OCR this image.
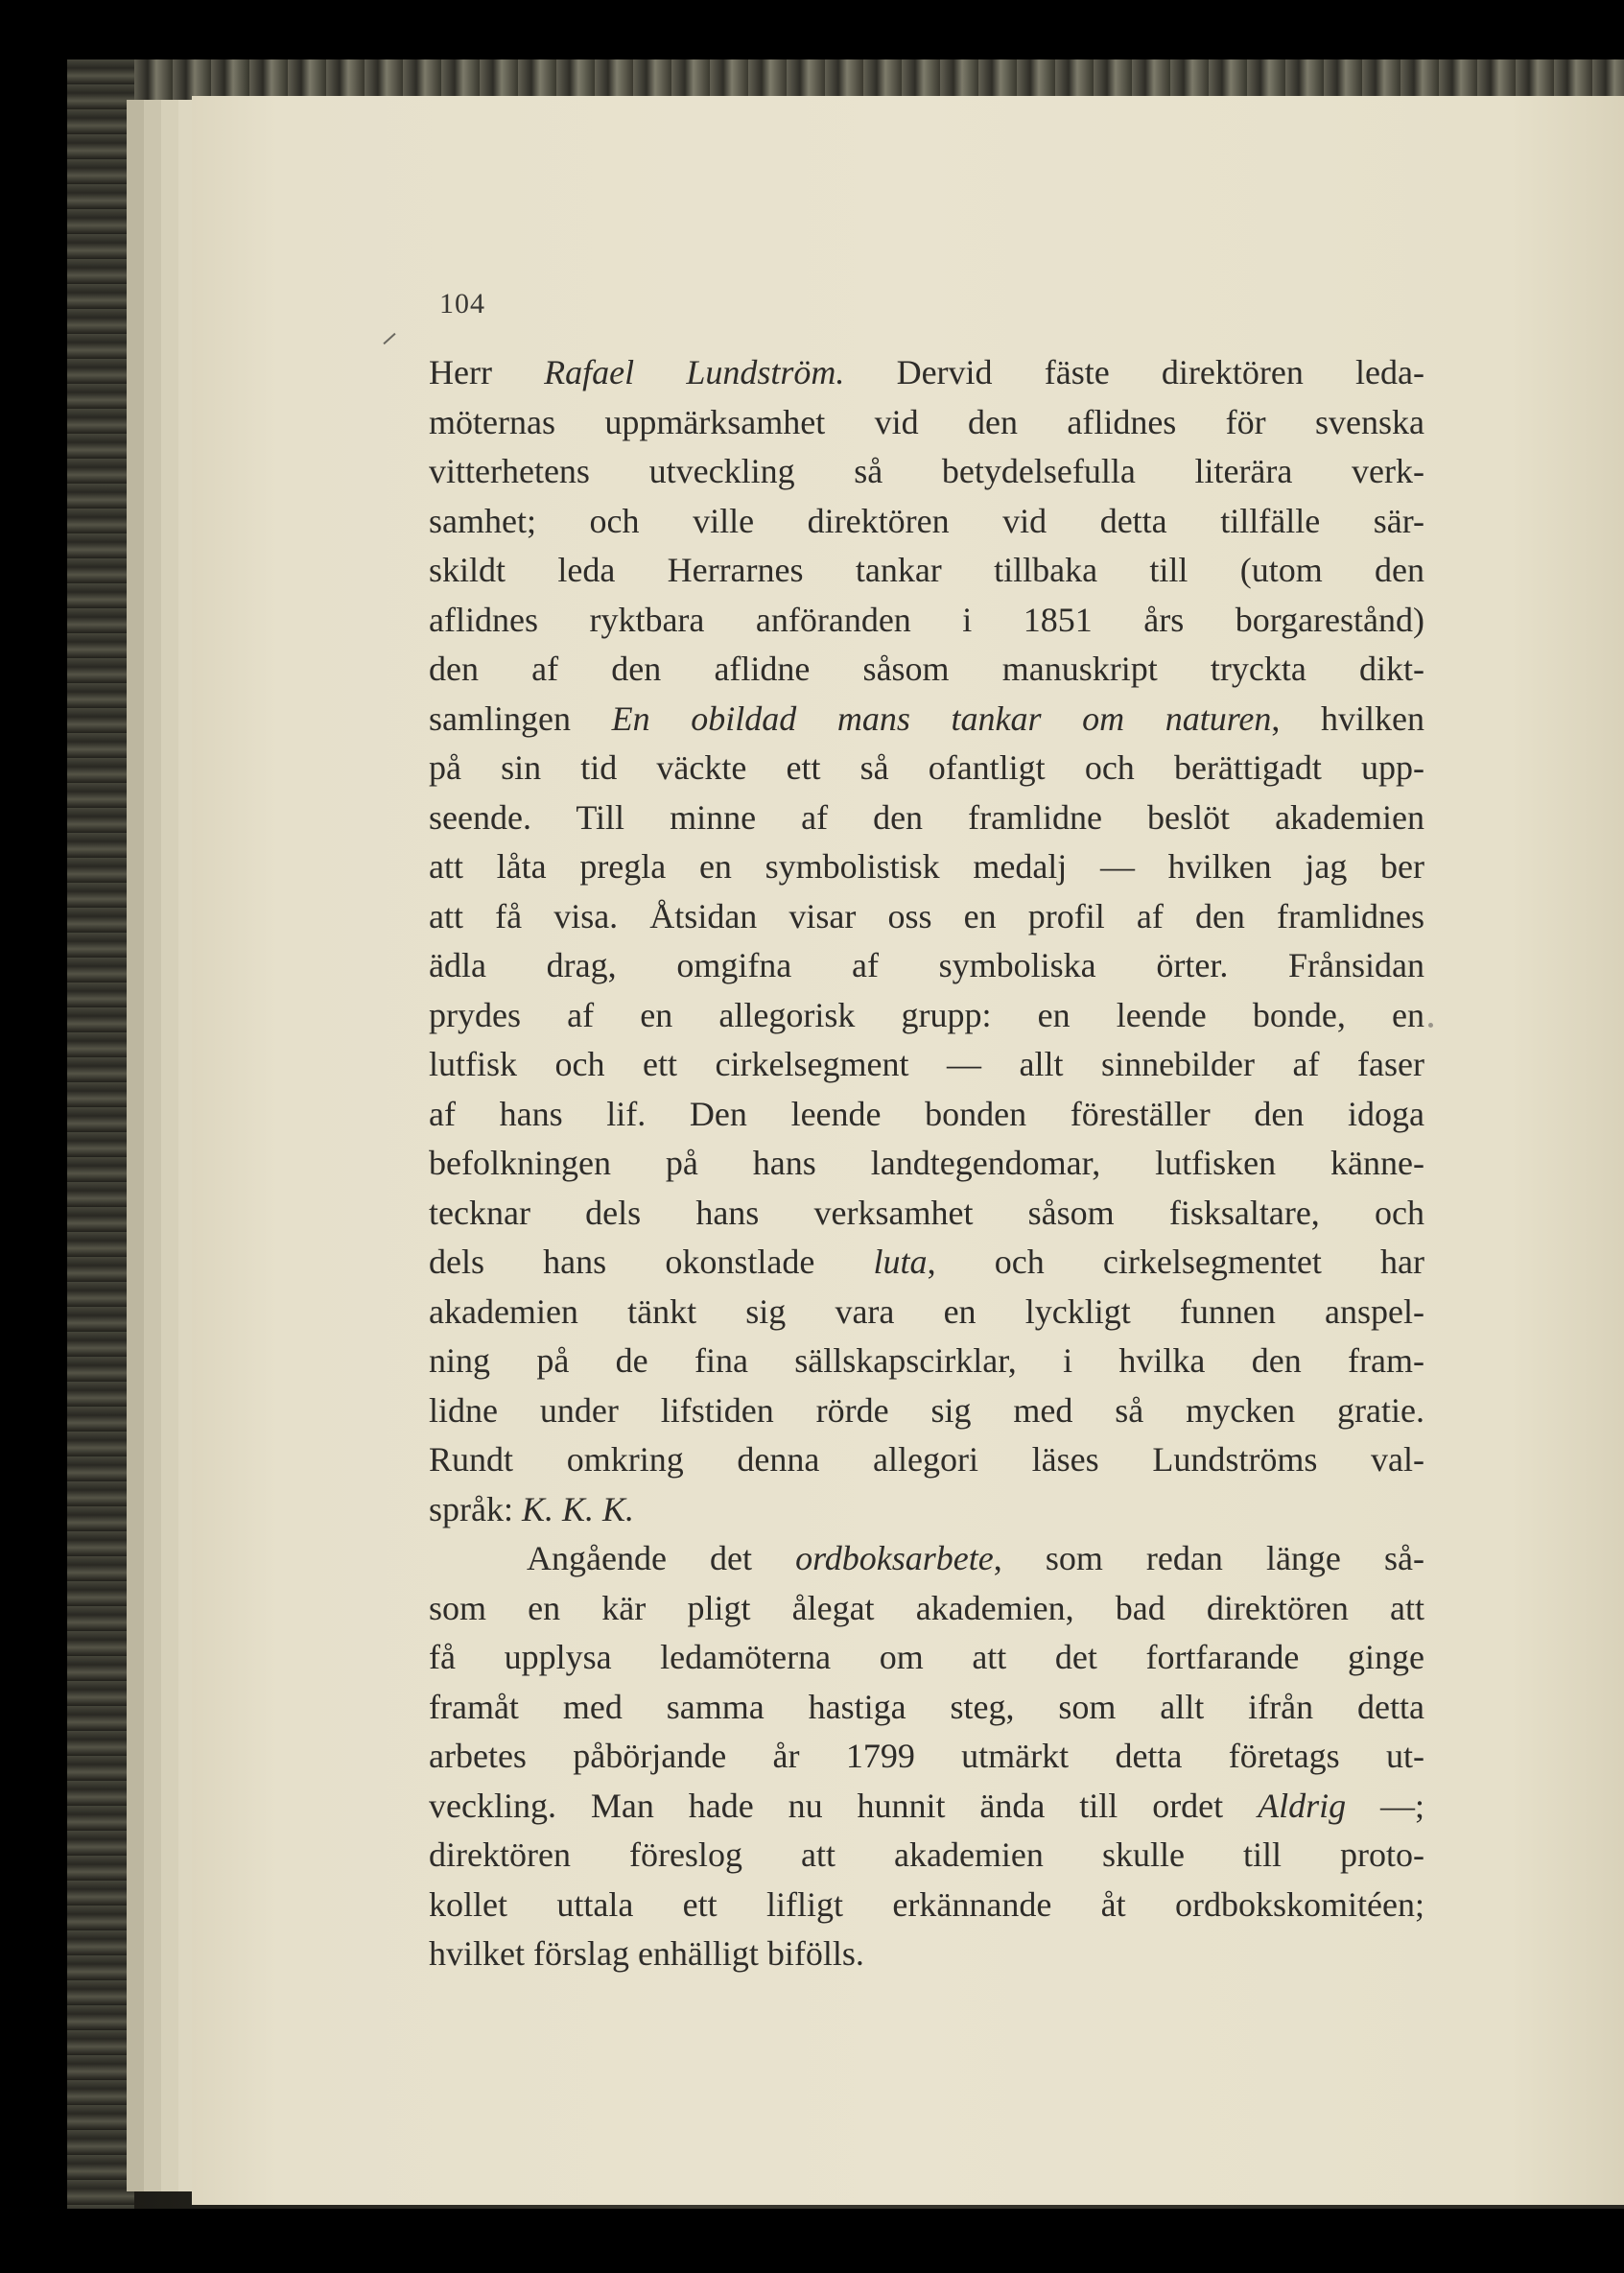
104
Herr Rafael Lundström. Dervid fäste direktören leda-
möternas uppmärksamhet vid den aflidnes för svenska
vitterhetens utveckling så betydelsefulla literära verk-
samhet; och ville direktören vid detta tillfälle sär-
skildt leda Herrarnes tankar tillbaka till (utom den
aflidnes ryktbara anföranden i 1851 års borgarestånd)
den af den aflidne såsom manuskript tryckta dikt-
samlingen En obildad mans tankar om naturen, hvilken
på sin tid väckte ett så ofantligt och berättigadt upp-
seende. Till minne af den framlidne beslöt akademien
att låta pregla en symbolistisk medalj — hvilken jag ber
att få visa. Åtsidan visar oss en profil af den framlidnes
ädla drag, omgifna af symboliska örter. Frånsidan
prydes af en allegorisk grupp: en leende bonde, en
lutfisk och ett cirkelsegment — allt sinnebilder af faser
af hans lif. Den leende bonden föreställer den idoga
befolkningen på hans landtegendomar, lutfisken känne-
tecknar dels hans verksamhet såsom fisksaltare, och
dels hans okonstlade luta, och cirkelsegmentet har
akademien tänkt sig vara en lyckligt funnen anspel-
ning på de fina sällskapscirklar, i hvilka den fram-
lidne under lifstiden rörde sig med så mycken gratie.
Rundt omkring denna allegori läses Lundströms val-
språk: K. K. K.
Angående det ordboksarbete, som redan länge så-
som en kär pligt ålegat akademien, bad direktören att
få upplysa ledamöterna om att det fortfarande ginge
framåt med samma hastiga steg, som allt ifrån detta
arbetes påbörjande år 1799 utmärkt detta företags ut-
veckling. Man hade nu hunnit ända till ordet Aldrig —;
direktören föreslog att akademien skulle till proto-
kollet uttala ett lifligt erkännande åt ordbokskomitéen;
hvilket förslag enhälligt bifölls.
